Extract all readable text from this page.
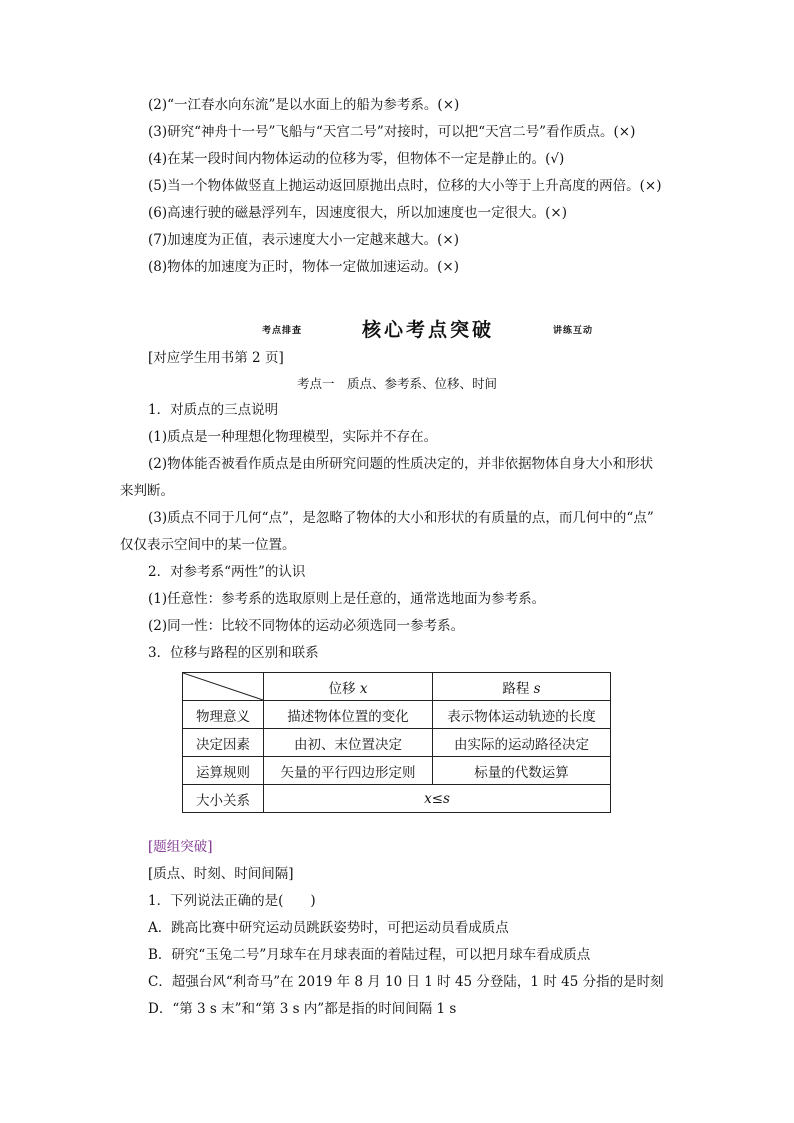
(2)“一江春水向东流”是以水面上的船为参考系。(×)
(3)研究“神舟十一号”飞船与“天宫二号”对接时，可以把“天宫二号”看作质点。(×)
(4)在某一段时间内物体运动的位移为零，但物体不一定是静止的。(√)
(5)当一个物体做竖直上抛运动返回原抛出点时，位移的大小等于上升高度的两倍。(×)
(6)高速行驶的磁悬浮列车，因速度很大，所以加速度也一定很大。(×)
(7)加速度为正值，表示速度大小一定越来越大。(×)
(8)物体的加速度为正时，物体一定做加速运动。(×)
考点排查	核心考点突破	讲练互动
[对应学生用书第 2 页]
考点一　质点、参考系、位移、时间
1．对质点的三点说明
(1)质点是一种理想化物理模型，实际并不存在。
(2)物体能否被看作质点是由所研究问题的性质决定的，并非依据物体自身大小和形状
来判断。
(3)质点不同于几何“点”，是忽略了物体的大小和形状的有质量的点，而几何中的“点”
仅仅表示空间中的某一位置。
2．对参考系“两性”的认识
(1)任意性：参考系的选取原则上是任意的，通常选地面为参考系。
(2)同一性：比较不同物体的运动必须选同一参考系。
3．位移与路程的区别和联系
	位移 x	路程 s
物理意义	描述物体位置的变化	表示物体运动轨迹的长度
决定因素	由初、末位置决定	由实际的运动路径决定
运算规则	矢量的平行四边形定则	标量的代数运算
大小关系	x≤s	
[题组突破]
[质点、时刻、时间间隔]
1．下列说法正确的是(　　)
A．跳高比赛中研究运动员跳跃姿势时，可把运动员看成质点
B．研究“玉兔二号”月球车在月球表面的着陆过程，可以把月球车看成质点
C．超强台风“利奇马”在 2019 年 8 月 10 日 1 时 45 分登陆，1 时 45 分指的是时刻
D．“第 3 s 末”和“第 3 s 内”都是指的时间间隔 1 s
